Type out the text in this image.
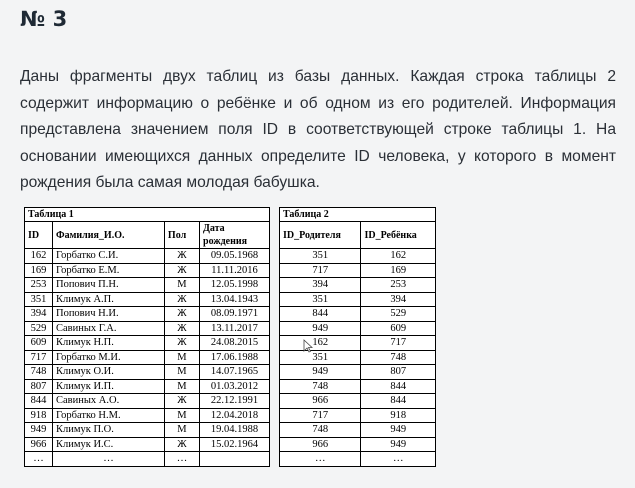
№ 3
Даны фрагменты двух таблиц из базы данных. Каждая строка таблицы 2 содержит информацию о ребёнке и об одном из его родителей. Информация представлена значением поля ID в соответствующей строке таблицы 1. На основании имеющихся данных определите ID человека, у которого в момент рождения была самая молодая бабушка.
Таблица 1			
ID	Фамилия_И.О.	Пол	Дата рождения
162	Горбатко С.И.	Ж	09.05.1968
169	Горбатко Е.М.	Ж	11.11.2016
253	Попович П.Н.	М	12.05.1998
351	Климук А.П.	Ж	13.04.1943
394	Попович Н.И.	Ж	08.09.1971
529	Савиных Г.А.	Ж	13.11.2017
609	Климук Н.П.	Ж	24.08.2015
717	Горбатко М.И.	М	17.06.1988
748	Климук О.И.	М	14.07.1965
807	Климук И.П.	М	01.03.2012
844	Савиных А.О.	Ж	22.12.1991
918	Горбатко Н.М.	М	12.04.2018
949	Климук П.О.	М	19.04.1988
966	Климук И.С.	Ж	15.02.1964
…	…	…	
Таблица 2	
ID_Родителя	ID_Ребёнка
351	162
717	169
394	253
351	394
844	529
949	609
162	717
351	748
949	807
748	844
966	844
717	918
748	949
966	949
…	…
